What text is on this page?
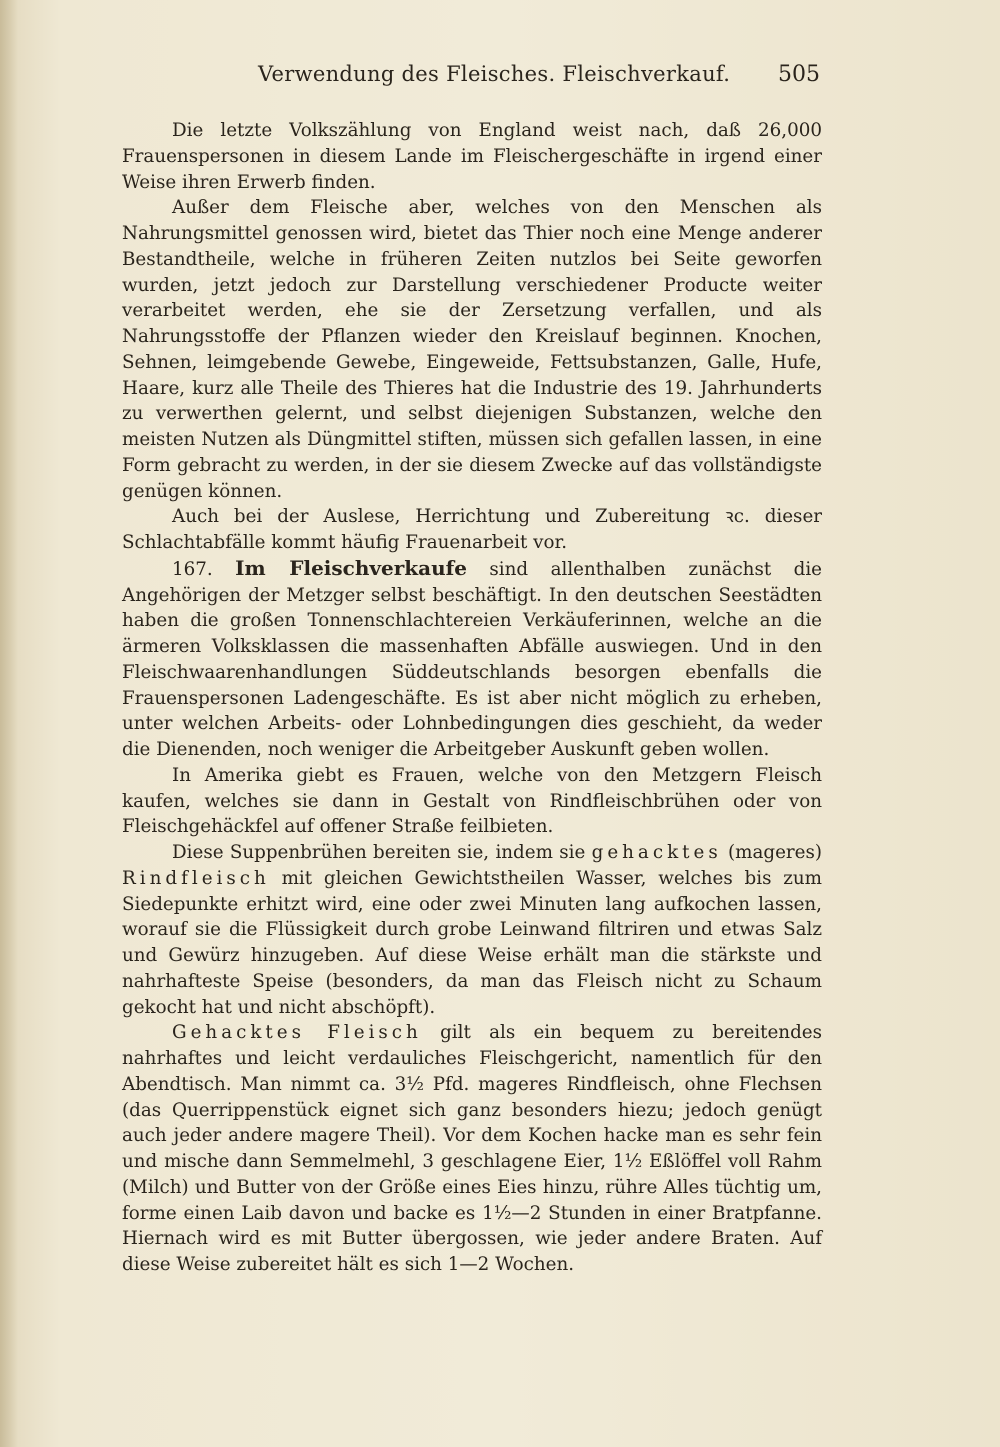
Verwendung des Fleisches. Fleischverkauf. 505

Die letzte Volkszählung von England weist nach, daß 26,000 Frauenspersonen in diesem Lande im Fleischergeschäfte in irgend einer Weise ihren Erwerb finden.

Außer dem Fleische aber, welches von den Menschen als Nahrungsmittel genossen wird, bietet das Thier noch eine Menge anderer Bestandtheile, welche in früheren Zeiten nutzlos bei Seite geworfen wurden, jetzt jedoch zur Darstellung verschiedener Producte weiter verarbeitet werden, ehe sie der Zersetzung verfallen, und als Nahrungsstoffe der Pflanzen wieder den Kreislauf beginnen. Knochen, Sehnen, leimgebende Gewebe, Eingeweide, Fettsubstanzen, Galle, Hufe, Haare, kurz alle Theile des Thieres hat die Industrie des 19. Jahrhunderts zu verwerthen gelernt, und selbst diejenigen Substanzen, welche den meisten Nutzen als Düngmittel stiften, müssen sich gefallen lassen, in eine Form gebracht zu werden, in der sie diesem Zwecke auf das vollständigste genügen können.

Auch bei der Auslese, Herrichtung und Zubereitung ꝛc. dieser Schlachtabfälle kommt häufig Frauenarbeit vor.

167. Im Fleischverkaufe sind allenthalben zunächst die Angehörigen der Metzger selbst beschäftigt. In den deutschen Seestädten haben die großen Tonnenschlachtereien Verkäuferinnen, welche an die ärmeren Volksklassen die massenhaften Abfälle auswiegen. Und in den Fleischwaarenhandlungen Süddeutschlands besorgen ebenfalls die Frauenspersonen Ladengeschäfte. Es ist aber nicht möglich zu erheben, unter welchen Arbeits- oder Lohnbedingungen dies geschieht, da weder die Dienenden, noch weniger die Arbeitgeber Auskunft geben wollen.

In Amerika giebt es Frauen, welche von den Metzgern Fleisch kaufen, welches sie dann in Gestalt von Rindfleischbrühen oder von Fleischgehäckfel auf offener Straße feilbieten.

Diese Suppenbrühen bereiten sie, indem sie gehacktes (mageres) Rindfleisch mit gleichen Gewichtstheilen Wasser, welches bis zum Siedepunkte erhitzt wird, eine oder zwei Minuten lang aufkochen lassen, worauf sie die Flüssigkeit durch grobe Leinwand filtriren und etwas Salz und Gewürz hinzugeben. Auf diese Weise erhält man die stärkste und nahrhafteste Speise (besonders, da man das Fleisch nicht zu Schaum gekocht hat und nicht abschöpft).

Gehacktes Fleisch gilt als ein bequem zu bereitendes nahrhaftes und leicht verdauliches Fleischgericht, namentlich für den Abendtisch. Man nimmt ca. 3½ Pfd. mageres Rindfleisch, ohne Flechsen (das Querrippenstück eignet sich ganz besonders hiezu; jedoch genügt auch jeder andere magere Theil). Vor dem Kochen hacke man es sehr fein und mische dann Semmelmehl, 3 geschlagene Eier, 1½ Eßlöffel voll Rahm (Milch) und Butter von der Größe eines Eies hinzu, rühre Alles tüchtig um, forme einen Laib davon und backe es 1½—2 Stunden in einer Bratpfanne. Hiernach wird es mit Butter übergossen, wie jeder andere Braten. Auf diese Weise zubereitet hält es sich 1—2 Wochen.
